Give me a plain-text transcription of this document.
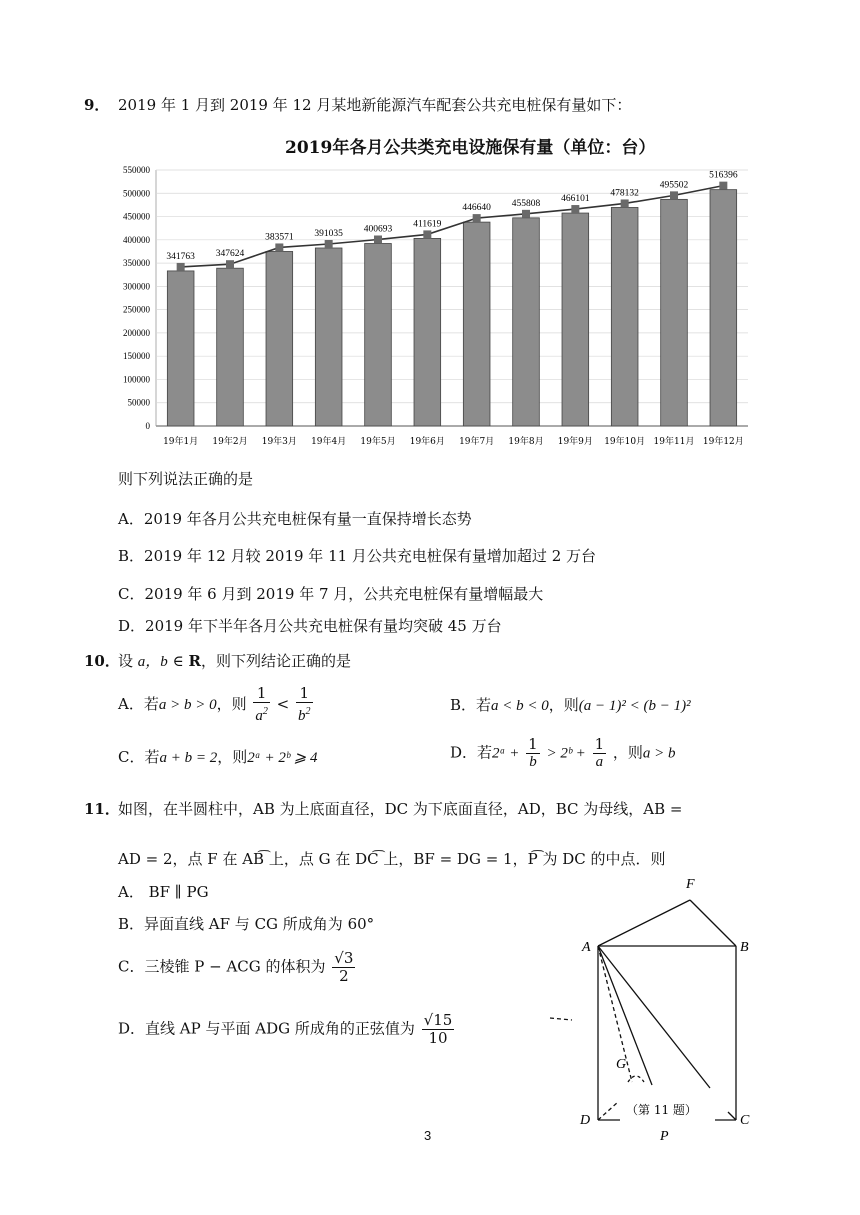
9． 2019 年 1 月到 2019 年 12 月某地新能源汽车配套公共充电桩保有量如下：
2019年各月公共类充电设施保有量（单位：台）
0
50000
100000
150000
200000
250000
300000
350000
400000
450000
500000
550000
341763 347624
383571 391035 400693
411619
446640 455808 466101
478132
495502
516396
19年1月 19年2月 19年3月 19年4月 19年5月 19年6月 19年7月 19年8月 19年9月 19年10月 19年11月 19年12月
则下列说法正确的是
A．2019 年各月公共充电桩保有量一直保持增长态势
B．2019 年 12 月较 2019 年 11 月公共充电桩保有量增加超过 2 万台
C．2019 年 6 月到 2019 年 7 月，公共充电桩保有量增幅最大
D．2019 年下半年各月公共充电桩保有量均突破 45 万台
10．
设 a，b ∈ R，则下列结论正确的是
A．若a > b > 0，则 $\frac{1}{a^2} < \frac{1}{b^2}$	B．若a < b < 0，则(a − 1)² < (b − 1)²
C．若a + b = 2，则2ᵃ + 2ᵇ ⩾ 4	D．若2ᵃ + $\frac{1}{b}$ > 2ᵇ + $\frac{1}{a}$ ，则a > b
11．
如图，在半圆柱中，AB 为上底面直径，DC 为下底面直径，AD，BC 为母线，AB =
AD = 2，点 F 在 AB͡ 上，点 G 在 DC͡ 上，BF = DG = 1，P͡ 为 DC 的中点．则
A． BF ∥ PG
B．异面直线 AF 与 CG 所成角为 60°
C．三棱锥 P − ACG 的体积为 $\frac{√3}{2}$
D．直线 AP 与平面 ADG 所成角的正弦值为 $\frac{√15}{10}$
F
A	B
G
D	C
P
（第 11 题）
3
